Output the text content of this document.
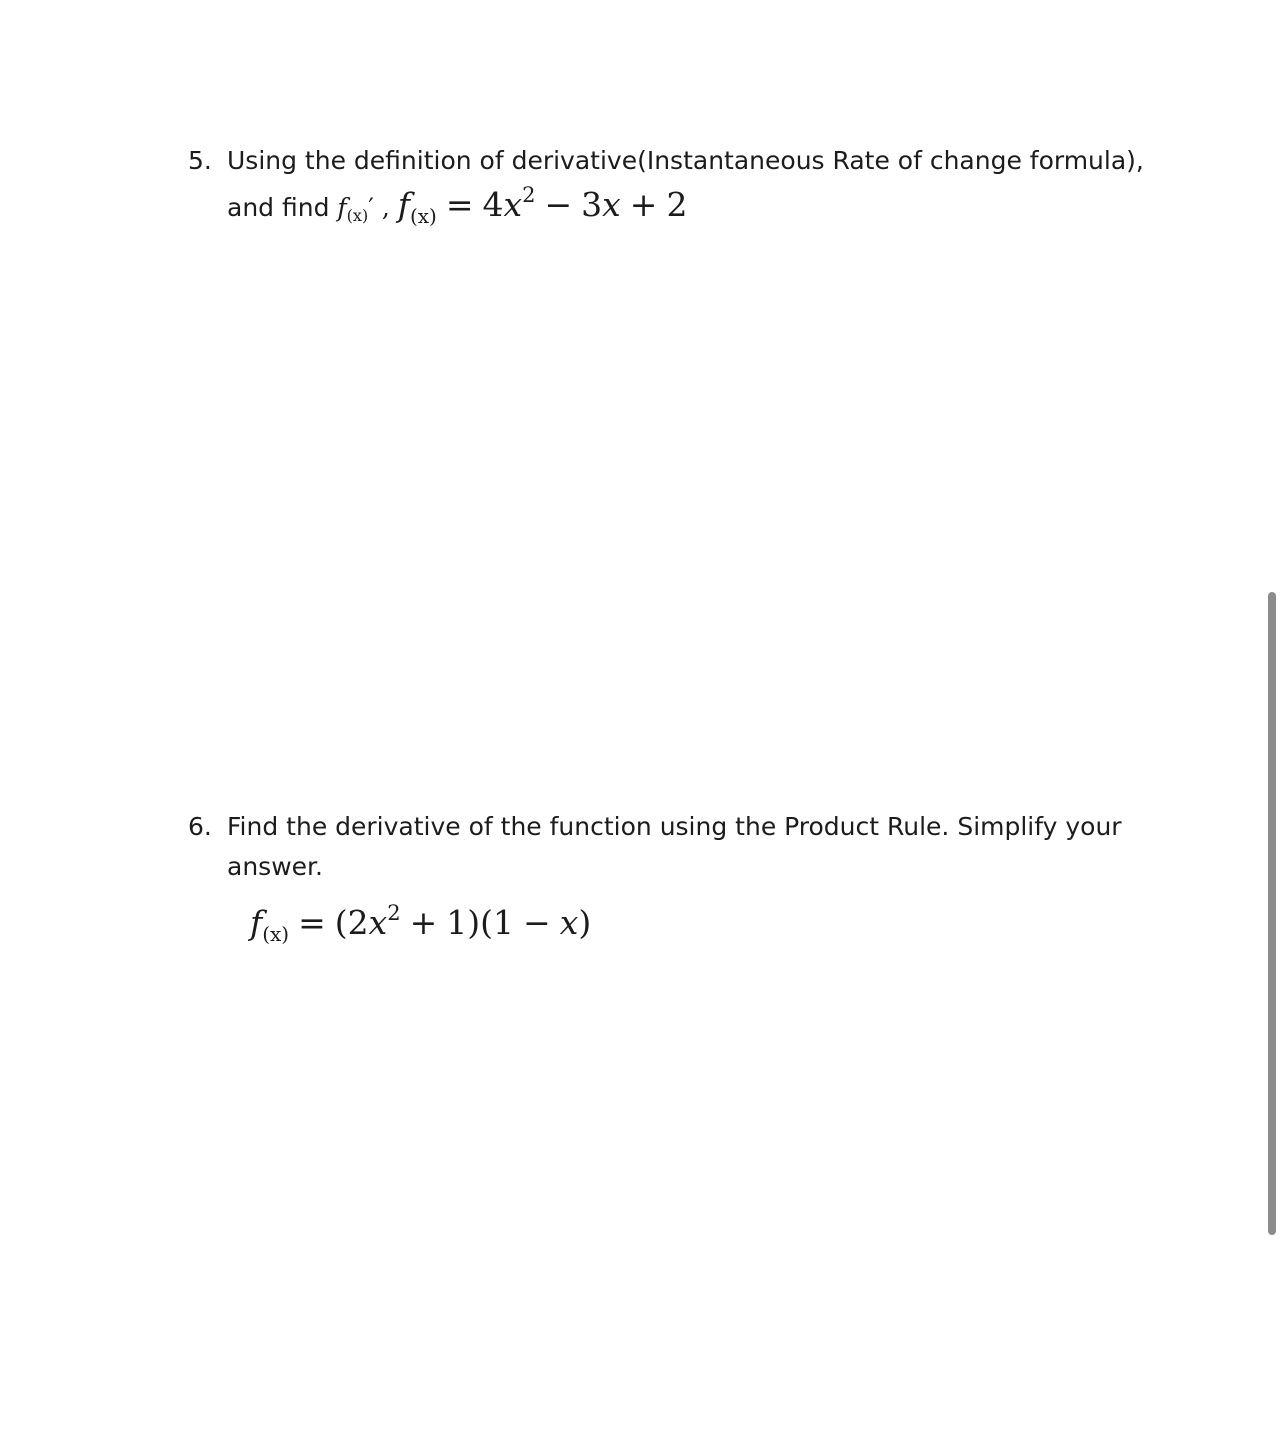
5. Using the definition of derivative(Instantaneous Rate of change formula),
and find $f_{(x)}'$ , $f_{(x)} = 4x^2 - 3x + 2$
6. Find the derivative of the function using the Product Rule. Simplify your
answer.
$f_{(x)} = (2x^2 + 1)(1 - x)$
